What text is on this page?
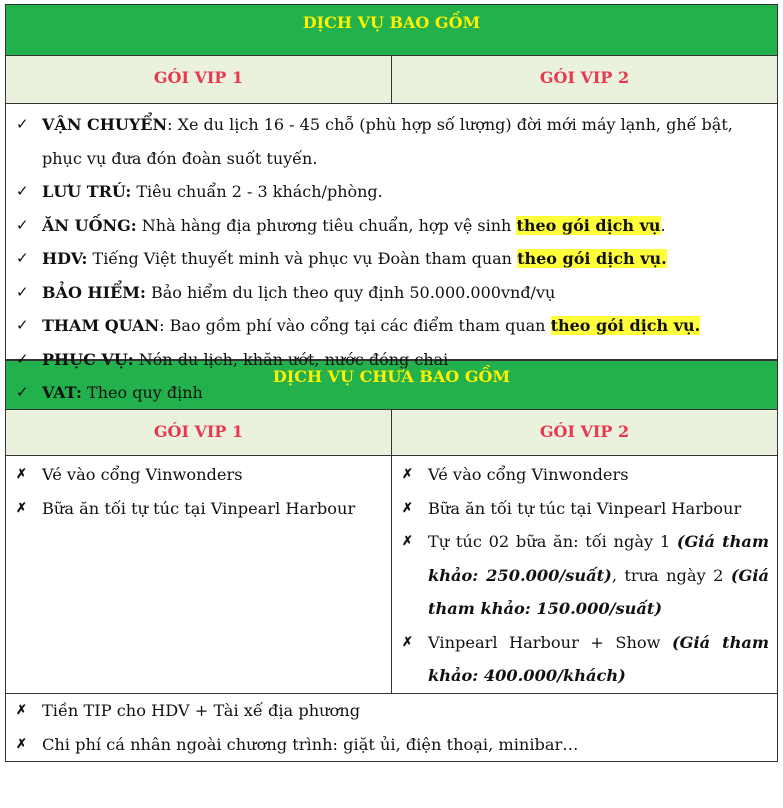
DỊCH VỤ BAO GỒM
GÓI VIP 1	GÓI VIP 2
✓ VẬN CHUYỂN: Xe du lịch 16 - 45 chỗ (phù hợp số lượng) đời mới máy lạnh, ghế bật, phục vụ đưa đón đoàn suốt tuyến.
✓ LƯU TRÚ: Tiêu chuẩn 2 - 3 khách/phòng.
✓ ĂN UỐNG: Nhà hàng địa phương tiêu chuẩn, hợp vệ sinh theo gói dịch vụ.
✓ HDV: Tiếng Việt thuyết minh và phục vụ Đoàn tham quan theo gói dịch vụ.
✓ BẢO HIỂM: Bảo hiểm du lịch theo quy định 50.000.000vnđ/vụ
✓ THAM QUAN: Bao gồm phí vào cổng tại các điểm tham quan theo gói dịch vụ.
✓ PHỤC VỤ: Nón du lịch, khăn ướt, nước đóng chai
✓ VAT: Theo quy định
DỊCH VỤ CHƯA BAO GỒM
GÓI VIP 1	GÓI VIP 2
✗ Vé vào cổng Vinwonders
✗ Bữa ăn tối tự túc tại Vinpearl Harbour
✗ Vé vào cổng Vinwonders
✗ Bữa ăn tối tự túc tại Vinpearl Harbour
✗ Tự túc 02 bữa ăn: tối ngày 1 (Giá tham khảo: 250.000/suất), trưa ngày 2 (Giá tham khảo: 150.000/suất)
✗ Vinpearl Harbour + Show (Giá tham khảo: 400.000/khách)
✗ Tiền TIP cho HDV + Tài xế địa phương
✗ Chi phí cá nhân ngoài chương trình: giặt ủi, điện thoại, minibar…
